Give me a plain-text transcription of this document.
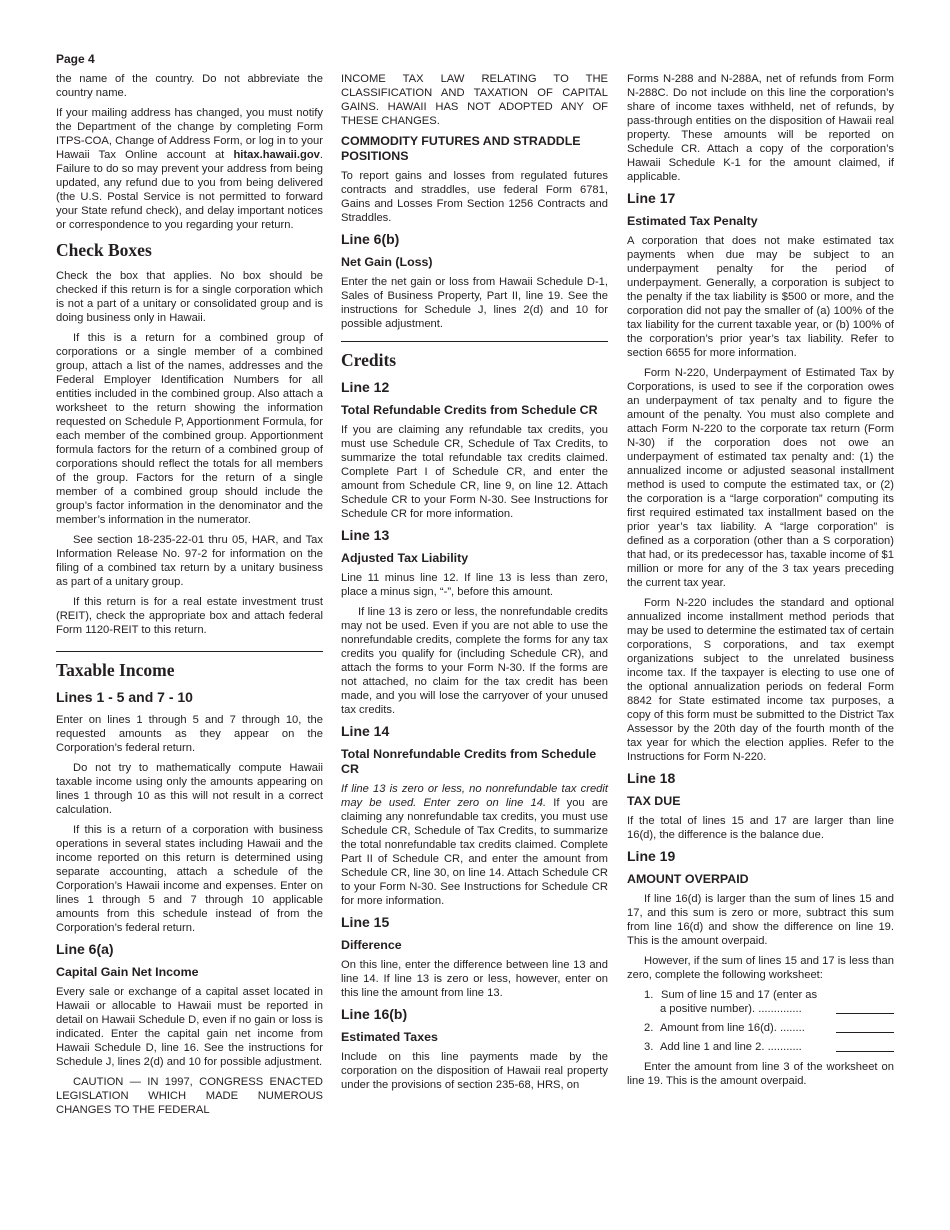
Page 4

the name of the country. Do not abbreviate the country name.

If your mailing address has changed, you must notify the Department of the change by completing Form ITPS-COA, Change of Address Form, or log in to your Hawaii Tax Online account at hitax.hawaii.gov. Failure to do so may prevent your address from being updated, any refund due to you from being delivered (the U.S. Postal Service is not permitted to forward your State refund check), and delay important notices or correspondence to you regarding your return.

Check Boxes

Check the box that applies. No box should be checked if this return is for a single corporation which is not a part of a unitary or consolidated group and is doing business only in Hawaii.

If this is a return for a combined group of corporations or a single member of a combined group, attach a list of the names, addresses and the Federal Employer Identification Numbers for all entities included in the combined group. Also attach a worksheet to the return showing the information requested on Schedule P, Apportionment Formula, for each member of the combined group. Apportionment formula factors for the return of a combined group of corporations should reflect the totals for all members of the group. Factors for the return of a single member of a combined group should include the group’s factor information in the denominator and the member’s information in the numerator.

See section 18-235-22-01 thru 05, HAR, and Tax Information Release No. 97-2 for information on the filing of a combined tax return by a unitary business as part of a unitary group.

If this return is for a real estate investment trust (REIT), check the appropriate box and attach federal Form 1120-REIT to this return.

Taxable Income
Lines 1 - 5 and 7 - 10

Enter on lines 1 through 5 and 7 through 10, the requested amounts as they appear on the Corporation’s federal return.

Do not try to mathematically compute Hawaii taxable income using only the amounts appearing on lines 1 through 10 as this will not result in a correct calculation.

If this is a return of a corporation with business operations in several states including Hawaii and the income reported on this return is determined using separate accounting, attach a schedule of the Corporation’s Hawaii income and expenses. Enter on lines 1 through 5 and 7 through 10 applicable amounts from this schedule instead of from the Corporation’s federal return.

Line 6(a)
Capital Gain Net Income

Every sale or exchange of a capital asset located in Hawaii or allocable to Hawaii must be reported in detail on Hawaii Schedule D, even if no gain or loss is indicated. Enter the capital gain net income from Hawaii Schedule D, line 16. See the instructions for Schedule J, lines 2(d) and 10 for possible adjustment.

CAUTION — IN 1997, CONGRESS ENACTED LEGISLATION WHICH MADE NUMEROUS CHANGES TO THE FEDERAL

INCOME TAX LAW RELATING TO THE CLASSIFICATION AND TAXATION OF CAPITAL GAINS. HAWAII HAS NOT ADOPTED ANY OF THESE CHANGES.

COMMODITY FUTURES AND STRADDLE POSITIONS

To report gains and losses from regulated futures contracts and straddles, use federal Form 6781, Gains and Losses From Section 1256 Contracts and Straddles.

Line 6(b)
Net Gain (Loss)

Enter the net gain or loss from Hawaii Schedule D-1, Sales of Business Property, Part II, line 19. See the instructions for Schedule J, lines 2(d) and 10 for possible adjustment.

Credits
Line 12
Total Refundable Credits from Schedule CR

If you are claiming any refundable tax credits, you must use Schedule CR, Schedule of Tax Credits, to summarize the total refundable tax credits claimed. Complete Part I of Schedule CR, and enter the amount from Schedule CR, line 9, on line 12. Attach Schedule CR to your Form N-30. See Instructions for Schedule CR for more information.

Line 13
Adjusted Tax Liability

Line 11 minus line 12. If line 13 is less than zero, place a minus sign, “-”, before this amount.

If line 13 is zero or less, the nonrefundable credits may not be used. Even if you are not able to use the nonrefundable credits, complete the forms for any tax credits you qualify for (including Schedule CR), and attach the forms to your Form N-30. If the forms are not attached, no claim for the tax credit has been made, and you will lose the carryover of your unused tax credits.

Line 14
Total Nonrefundable Credits from Schedule CR

If line 13 is zero or less, no nonrefundable tax credit may be used. Enter zero on line 14. If you are claiming any nonrefundable tax credits, you must use Schedule CR, Schedule of Tax Credits, to summarize the total nonrefundable tax credits claimed. Complete Part II of Schedule CR, and enter the amount from Schedule CR, line 30, on line 14. Attach Schedule CR to your Form N-30. See Instructions for Schedule CR for more information.

Line 15
Difference

On this line, enter the difference between line 13 and line 14. If line 13 is zero or less, however, enter on this line the amount from line 13.

Line 16(b)
Estimated Taxes

Include on this line payments made by the corporation on the disposition of Hawaii real property under the provisions of section 235-68, HRS, on

Forms N-288 and N-288A, net of refunds from Form N-288C. Do not include on this line the corporation’s share of income taxes withheld, net of refunds, by pass-through entities on the disposition of Hawaii real property. These amounts will be reported on Schedule CR. Attach a copy of the corporation’s Hawaii Schedule K-1 for the amount claimed, if applicable.

Line 17
Estimated Tax Penalty

A corporation that does not make estimated tax payments when due may be subject to an underpayment penalty for the period of underpayment. Generally, a corporation is subject to the penalty if the tax liability is $500 or more, and the corporation did not pay the smaller of (a) 100% of the tax liability for the current taxable year, or (b) 100% of the corporation’s prior year’s tax liability. Refer to section 6655 for more information.

Form N-220, Underpayment of Estimated Tax by Corporations, is used to see if the corporation owes an underpayment of tax penalty and to figure the amount of the penalty. You must also complete and attach Form N-220 to the corporate tax return (Form N-30) if the corporation does not owe an underpayment of estimated tax penalty and: (1) the annualized income or adjusted seasonal installment method is used to compute the estimated tax, or (2) the corporation is a “large corporation” computing its first required estimated tax installment based on the prior year’s tax liability. A “large corporation” is defined as a corporation (other than a S corporation) that had, or its predecessor has, taxable income of $1 million or more for any of the 3 tax years preceding the current tax year.

Form N-220 includes the standard and optional annualized income installment method periods that may be used to determine the estimated tax of certain corporations, S corporations, and tax exempt organizations subject to the unrelated business income tax. If the taxpayer is electing to use one of the optional annualization periods on federal Form 8842 for State estimated income tax purposes, a copy of this form must be submitted to the District Tax Assessor by the 20th day of the fourth month of the tax year for which the election applies. Refer to the Instructions for Form N-220.

Line 18
TAX DUE

If the total of lines 15 and 17 are larger than line 16(d), the difference is the balance due.

Line 19
AMOUNT OVERPAID

If line 16(d) is larger than the sum of lines 15 and 17, and this sum is zero or more, subtract this sum from line 16(d) and show the difference on line 19. This is the amount overpaid.

However, if the sum of lines 15 and 17 is less than zero, complete the following worksheet:

1. Sum of line 15 and 17 (enter as
a positive number). ..............
2. Amount from line 16(d). ........
3. Add line 1 and line 2. ...........

Enter the amount from line 3 of the worksheet on line 19. This is the amount overpaid.
